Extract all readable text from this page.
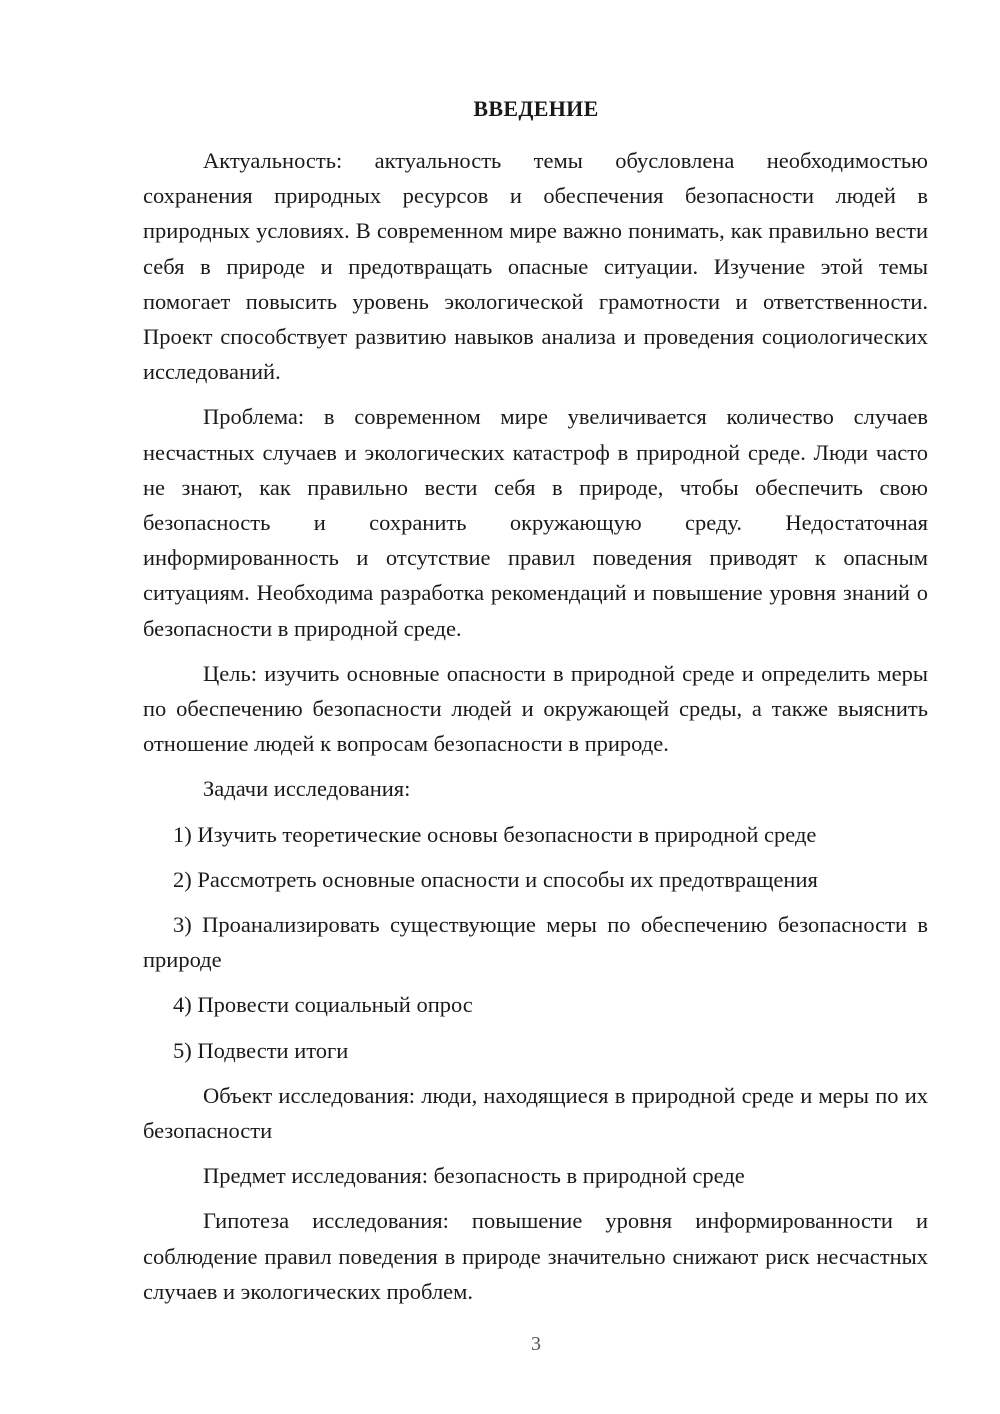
ВВЕДЕНИЕ

Актуальность: актуальность темы обусловлена необходимостью сохранения природных ресурсов и обеспечения безопасности людей в природных условиях. В современном мире важно понимать, как правильно вести себя в природе и предотвращать опасные ситуации. Изучение этой темы помогает повысить уровень экологической грамотности и ответственности. Проект способствует развитию навыков анализа и проведения социологических исследований.

Проблема: в современном мире увеличивается количество случаев несчастных случаев и экологических катастроф в природной среде. Люди часто не знают, как правильно вести себя в природе, чтобы обеспечить свою безопасность и сохранить окружающую среду. Недостаточная информированность и отсутствие правил поведения приводят к опасным ситуациям. Необходима разработка рекомендаций и повышение уровня знаний о безопасности в природной среде.

Цель: изучить основные опасности в природной среде и определить меры по обеспечению безопасности людей и окружающей среды, а также выяснить отношение людей к вопросам безопасности в природе.

Задачи исследования:

1) Изучить теоретические основы безопасности в природной среде

2) Рассмотреть основные опасности и способы их предотвращения

3) Проанализировать существующие меры по обеспечению безопасности в природе

4) Провести социальный опрос

5) Подвести итоги

Объект исследования: люди, находящиеся в природной среде и меры по их безопасности

Предмет исследования: безопасность в природной среде

Гипотеза исследования: повышение уровня информированности и соблюдение правил поведения в природе значительно снижают риск несчастных случаев и экологических проблем.

3
